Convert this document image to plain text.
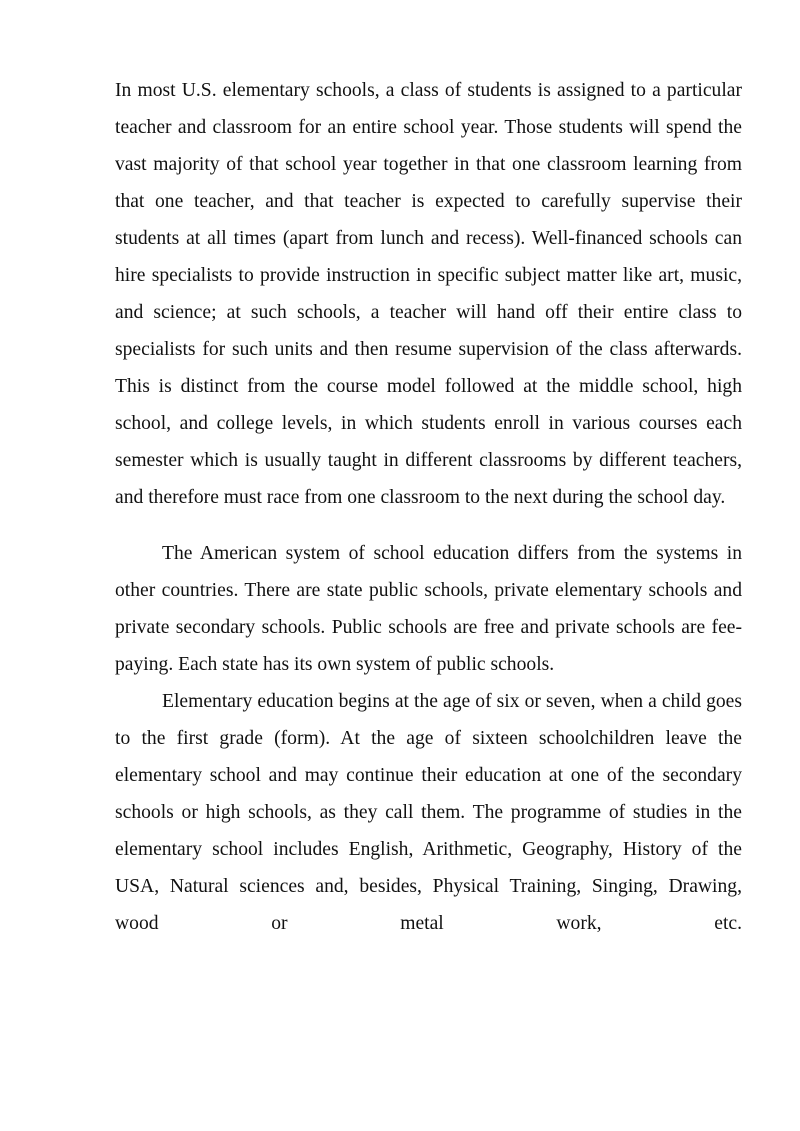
In most U.S. elementary schools, a class of students is assigned to a particular teacher and classroom for an entire school year. Those students will spend the vast majority of that school year together in that one classroom learning from that one teacher, and that teacher is expected to carefully supervise their students at all times (apart from lunch and recess). Well-financed schools can hire specialists to provide instruction in specific subject matter like art, music, and science; at such schools, a teacher will hand off their entire class to specialists for such units and then resume supervision of the class afterwards. This is distinct from the course model followed at the middle school, high school, and college levels, in which students enroll in various courses each semester which is usually taught in different classrooms by different teachers, and therefore must race from one classroom to the next during the school day.

The American system of school education differs from the systems in other countries. There are state public schools, private elementary schools and private secondary schools. Public schools are free and private schools are fee-paying. Each state has its own system of public schools.

Elementary education begins at the age of six or seven, when a child goes to the first grade (form). At the age of sixteen schoolchildren leave the elementary school and may continue their education at one of the secondary schools or high schools, as they call them. The programme of studies in the elementary school includes English, Arithmetic, Geography, History of the USA, Natural sciences and, besides, Physical Training, Singing, Drawing, wood or metal work, etc.
